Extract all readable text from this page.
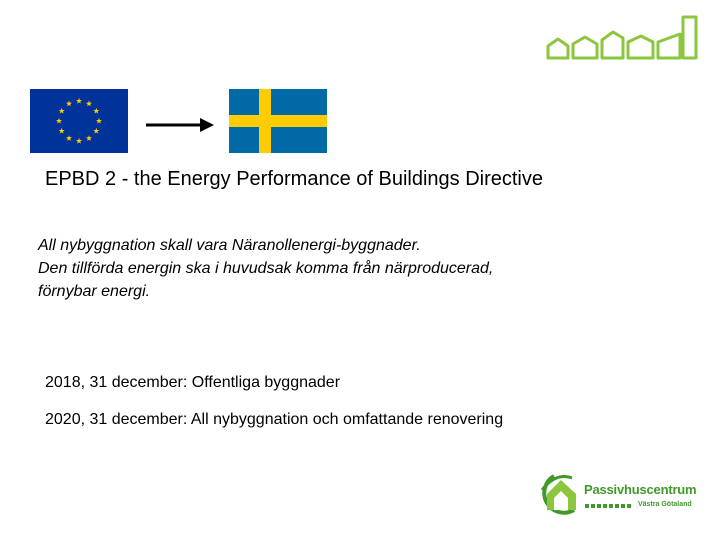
EPBD 2 - the Energy Performance of Buildings Directive
All nybyggnation skall vara Näranollenergi-byggnader.
Den tillförda energin ska i huvudsak komma från närproducerad,
förnybar energi.
2018, 31 december: Offentliga byggnader
2020, 31 december: All nybyggnation och omfattande renovering
Passivhuscentrum
Västra Götaland
